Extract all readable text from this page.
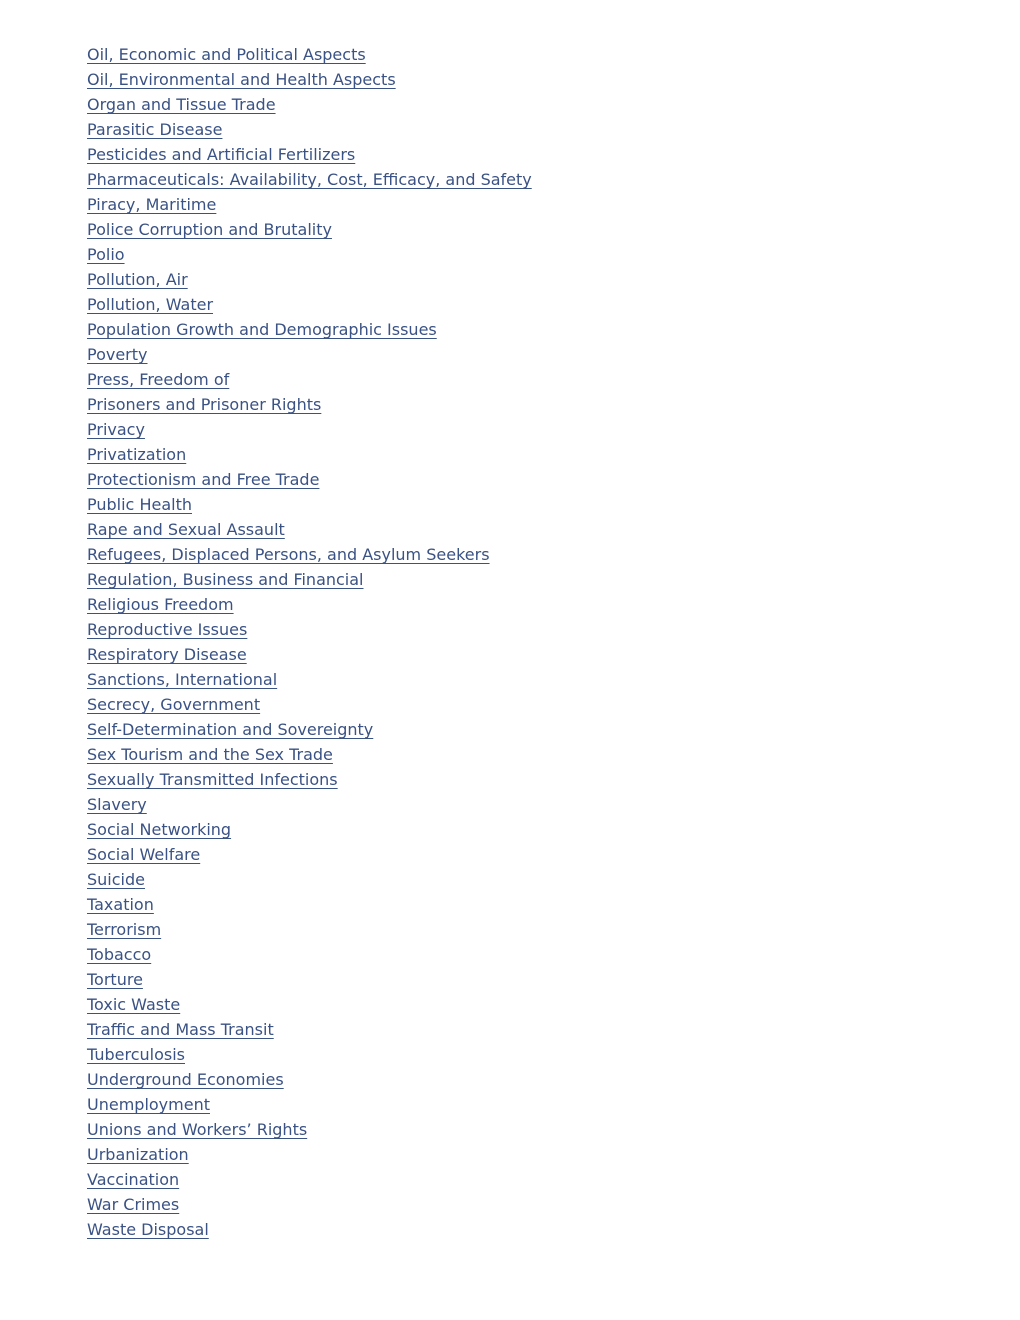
Oil, Economic and Political Aspects
Oil, Environmental and Health Aspects
Organ and Tissue Trade
Parasitic Disease
Pesticides and Artificial Fertilizers
Pharmaceuticals: Availability, Cost, Efficacy, and Safety
Piracy, Maritime
Police Corruption and Brutality
Polio
Pollution, Air
Pollution, Water
Population Growth and Demographic Issues
Poverty
Press, Freedom of
Prisoners and Prisoner Rights
Privacy
Privatization
Protectionism and Free Trade
Public Health
Rape and Sexual Assault
Refugees, Displaced Persons, and Asylum Seekers
Regulation, Business and Financial
Religious Freedom
Reproductive Issues
Respiratory Disease
Sanctions, International
Secrecy, Government
Self-Determination and Sovereignty
Sex Tourism and the Sex Trade
Sexually Transmitted Infections
Slavery
Social Networking
Social Welfare
Suicide
Taxation
Terrorism
Tobacco
Torture
Toxic Waste
Traffic and Mass Transit
Tuberculosis
Underground Economies
Unemployment
Unions and Workers’ Rights
Urbanization
Vaccination
War Crimes
Waste Disposal
